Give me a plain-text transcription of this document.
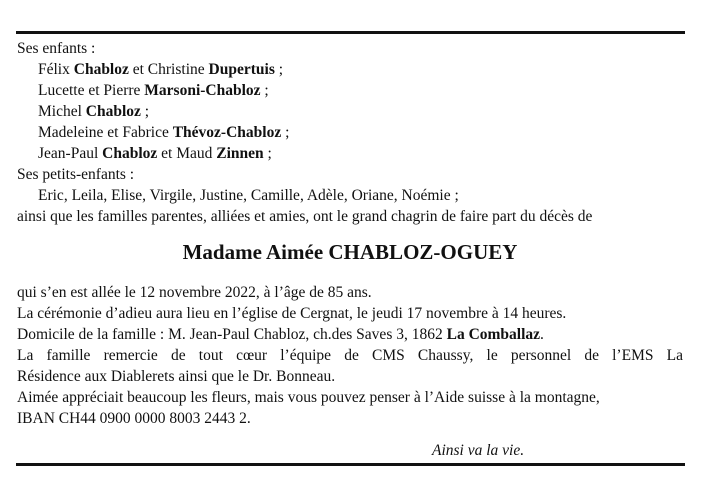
Ses enfants :
Félix Chabloz et Christine Dupertuis ;
Lucette et Pierre Marsoni-Chabloz ;
Michel Chabloz ;
Madeleine et Fabrice Thévoz-Chabloz ;
Jean-Paul Chabloz et Maud Zinnen ;
Ses petits-enfants :
Eric, Leila, Elise, Virgile, Justine, Camille, Adèle, Oriane, Noémie ;
ainsi que les familles parentes, alliées et amies, ont le grand chagrin de faire part du décès de
Madame Aimée CHABLOZ-OGUEY
qui s’en est allée le 12 novembre 2022, à l’âge de 85 ans.
La cérémonie d’adieu aura lieu en l’église de Cergnat, le jeudi 17 novembre à 14 heures.
Domicile de la famille : M. Jean-Paul Chabloz, ch.des Saves 3, 1862 La Comballaz.
La famille remercie de tout cœur l’équipe de CMS Chaussy, le personnel de l’EMS La
Résidence aux Diablerets ainsi que le Dr. Bonneau.
Aimée appréciait beaucoup les fleurs, mais vous pouvez penser à l’Aide suisse à la montagne,
IBAN CH44 0900 0000 8003 2443 2.
Ainsi va la vie.
